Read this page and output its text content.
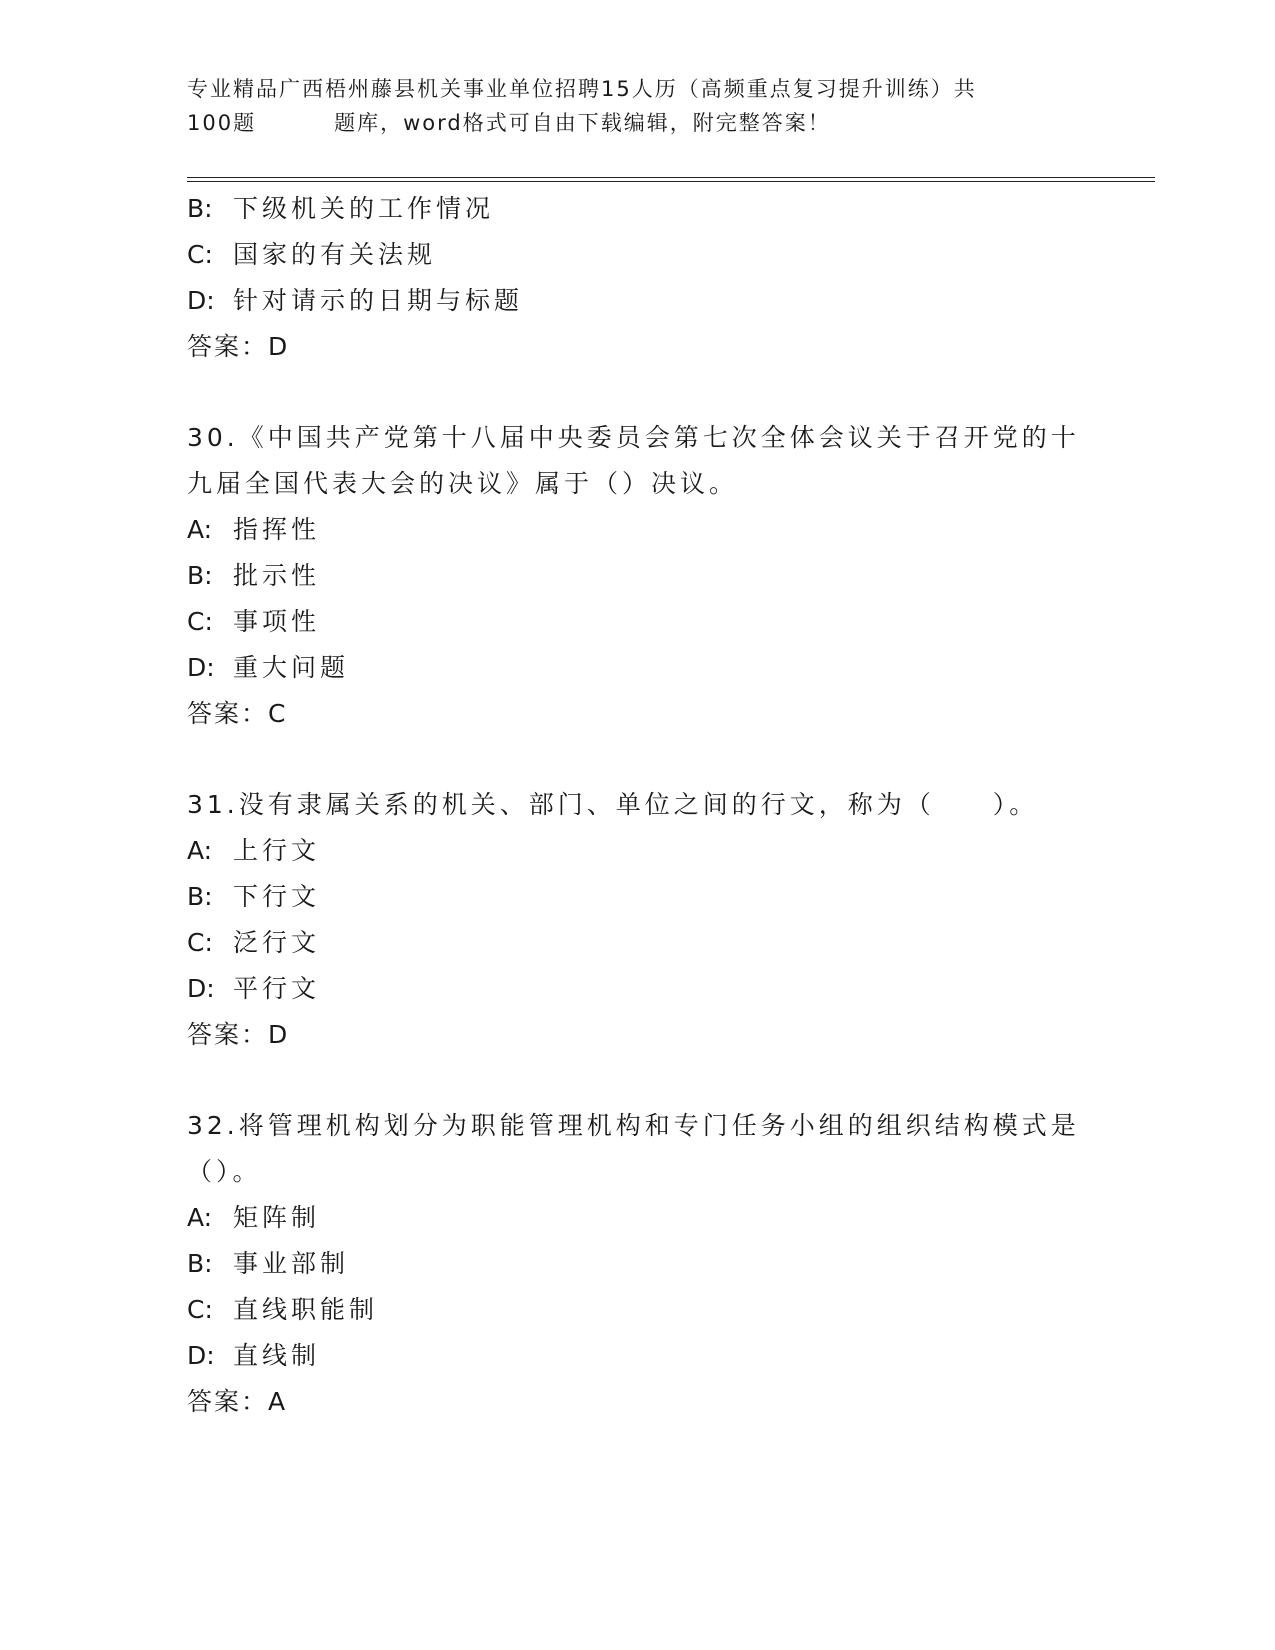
专业精品广西梧州藤县机关事业单位招聘15人历（高频重点复习提升训练）共
100题	题库，word格式可自由下载编辑，附完整答案！
B: 下级机关的工作情况
C: 国家的有关法规
D: 针对请示的日期与标题
答案：D
30.《中国共产党第十八届中央委员会第七次全体会议关于召开党的十
九届全国代表大会的决议》属于（）决议。
A: 指挥性
B: 批示性
C: 事项性
D: 重大问题
答案：C
31.没有隶属关系的机关、部门、单位之间的行文，称为（　　）。
A: 上行文
B: 下行文
C: 泛行文
D: 平行文
答案：D
32.将管理机构划分为职能管理机构和专门任务小组的组织结构模式是
（）。
A: 矩阵制
B: 事业部制
C: 直线职能制
D: 直线制
答案：A
